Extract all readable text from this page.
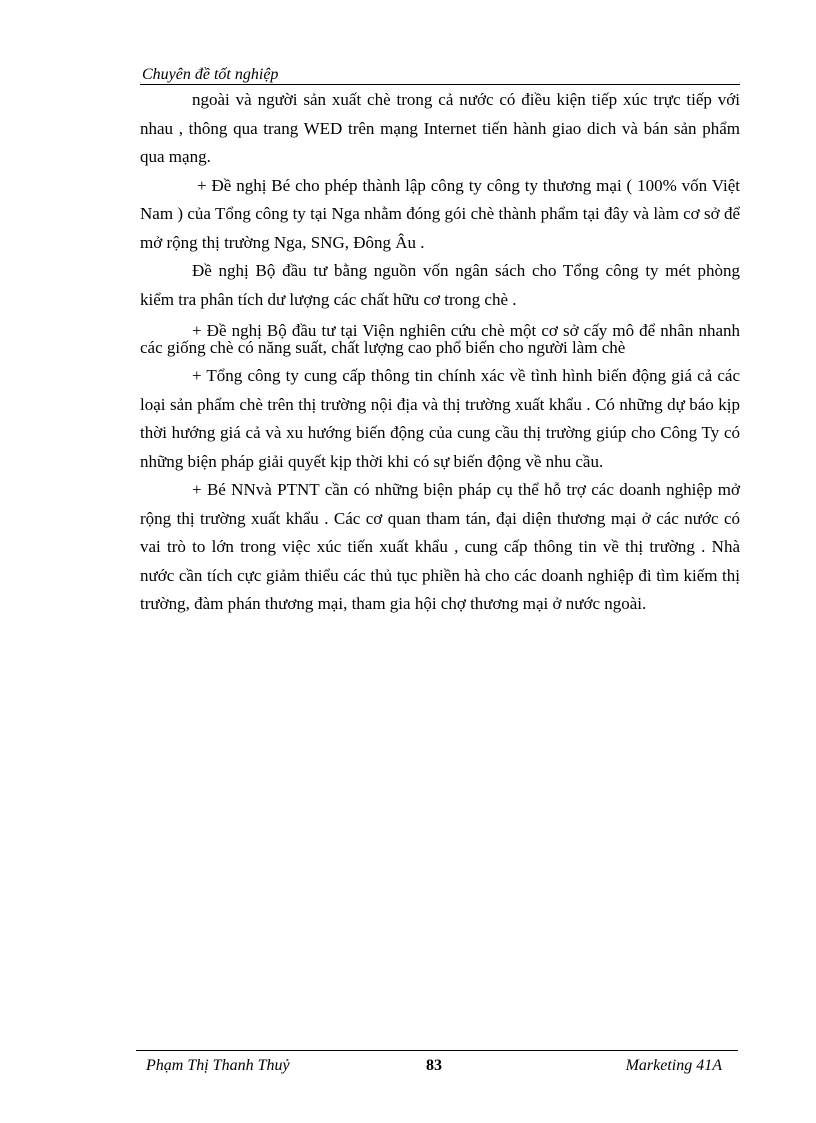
Chuyên đề tốt nghiệp

ngoài và người sản xuất chè trong cả nước có điều kiện tiếp xúc trực tiếp với nhau , thông qua trang WED trên mạng Internet tiến hành giao dich và bán sản phẩm qua mạng.

+ Đề nghị Bé cho phép thành lập công ty công ty thương mại ( 100% vốn Việt Nam ) của Tổng công ty tại Nga nhằm đóng gói chè thành phẩm tại đây và làm cơ sở để mở rộng thị trường Nga, SNG, Đông Âu .

Đề nghị Bộ đầu tư bằng nguồn vốn ngân sách cho Tổng công ty mét phòng kiểm tra phân tích dư lượng các chất hữu cơ trong chè .

+ Đề nghị Bộ đầu tư tại Viện nghiên cứu chè một cơ sở cấy mô để nhân nhanh các giống chè có năng suất, chất lượng cao phổ biến cho người làm chè

+ Tổng công ty cung cấp thông tin chính xác về tình hình biến động giá cả các loại sản phẩm chè trên thị trường nội địa và thị trường xuất khẩu . Có những dự báo kịp thời hướng giá cả và xu hướng biến động của cung cầu thị trường giúp cho Công Ty có những biện pháp giải quyết kịp thời khi có sự biến động về nhu cầu.

+ Bé NNvà PTNT cần có những biện pháp cụ thể hỗ trợ các doanh nghiệp mở rộng thị trường xuất khẩu . Các cơ quan tham tán, đại diện thương mại ở các nước có vai trò to lớn trong việc xúc tiến xuất khẩu , cung cấp thông tin về thị trường . Nhà nước cần tích cực giảm thiểu các thủ tục phiền hà cho các doanh nghiệp đi tìm kiếm thị trường, đàm phán thương mại, tham gia hội chợ thương mại ở nước ngoài.

Phạm Thị Thanh Thuỷ	83	Marketing 41A
